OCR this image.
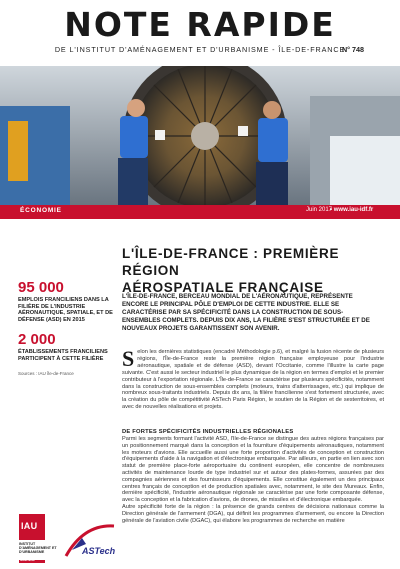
NOTE RAPIDE
DE L'INSTITUT D'AMÉNAGEMENT ET D'URBANISME - ÎLE-DE-FRANCE
N° 748
ÉCONOMIE	Juin 2017
• www.iau-idf.fr
L'ÎLE-DE-FRANCE : PREMIÈRE RÉGION
AÉROSPATIALE FRANÇAISE
L'ÎLE-DE-FRANCE, BERCEAU MONDIAL DE L'AÉRONAUTIQUE, REPRÉSENTE ENCORE LE PRINCIPAL PÔLE D'EMPLOI DE CETTE INDUSTRIE. ELLE SE CARACTÉRISE PAR SA SPÉCIFICITÉ DANS LA CONSTRUCTION DE SOUS-ENSEMBLES COMPLETS. DEPUIS DIX ANS, LA FILIÈRE S'EST STRUCTURÉE ET DE NOUVEAUX PROJETS GARANTISSENT SON AVENIR.
Selon les dernières statistiques (encadré Méthodologie p.6), et malgré la fusion récente de plusieurs régions, l'Île-de-France reste la première région française employeuse pour l'industrie aéronautique, spatiale et de défense (ASD), devant l'Occitanie, comme l'illustre la carte page suivante. C'est aussi le secteur industriel le plus dynamique de la région en termes d'emploi et le premier contributeur à l'exportation régionale. L'Île-de-France se caractérise par plusieurs spécificités, notamment dans la construction de sous-ensembles complets (moteurs, trains d'atterrissages, etc.) qui implique de nombreux sous-traitants industriels. Depuis dix ans, la filière francilienne s'est fortement structurée, avec la création du pôle de compétitivité ASTech Paris Région, le soutien de la Région et de sesterritoires, et avec de nouvelles réalisations et projets.
DE FORTES SPÉCIFICITÉS INDUSTRIELLES RÉGIONALES
Parmi les segments formant l'activité ASD, l'Île-de-France se distingue des autres régions françaises par un positionnement marqué dans la conception et la fourniture d'équipements aéronautiques, notamment les moteurs d'avions. Elle accueille aussi une forte proportion d'activités de conception et construction d'équipements d'aide à la navigation et d'électronique embarquée. Par ailleurs, en partie en lien avec son statut de première place-forte aéroportuaire du continent européen, elle concentre de nombreuses activités de maintenance lourde de type industriel sur et autour des plates-formes, assurées par des compagnies aériennes et des fournisseurs d'équipements. Elle constitue également un des principaux centres français de conception et de production spatiales avec, notamment, le site des Mureaux. Enfin, dernière spécificité, l'industrie aéronautique régionale se caractérise par une forte composante défense, avec la conception et la fabrication d'avions, de drones, de missiles et d'électronique embarquée.
Autre spécificité forte de la région : la présence de grands centres de décisions nationaux comme la Direction générale de l'armement (DGA), qui définit les programmes d'armement, ou encore la Direction générale de l'aviation civile (DGAC), qui élabore les programmes de recherche en matière
95 000
EMPLOIS FRANCILIENS DANS LA FILIÈRE DE L'INDUSTRIE AÉRONAUTIQUE, SPATIALE, ET DE DÉFENSE (ASD) EN 2015
2 000
ÉTABLISSEMENTS FRANCILIENS PARTICIPENT À CETTE FILIÈRE
Sources : IAU île-de-France
IAU
INSTITUT D'AMÉNAGEMENT ET D'URBANISME
ÎleDeFrance
ASTech
